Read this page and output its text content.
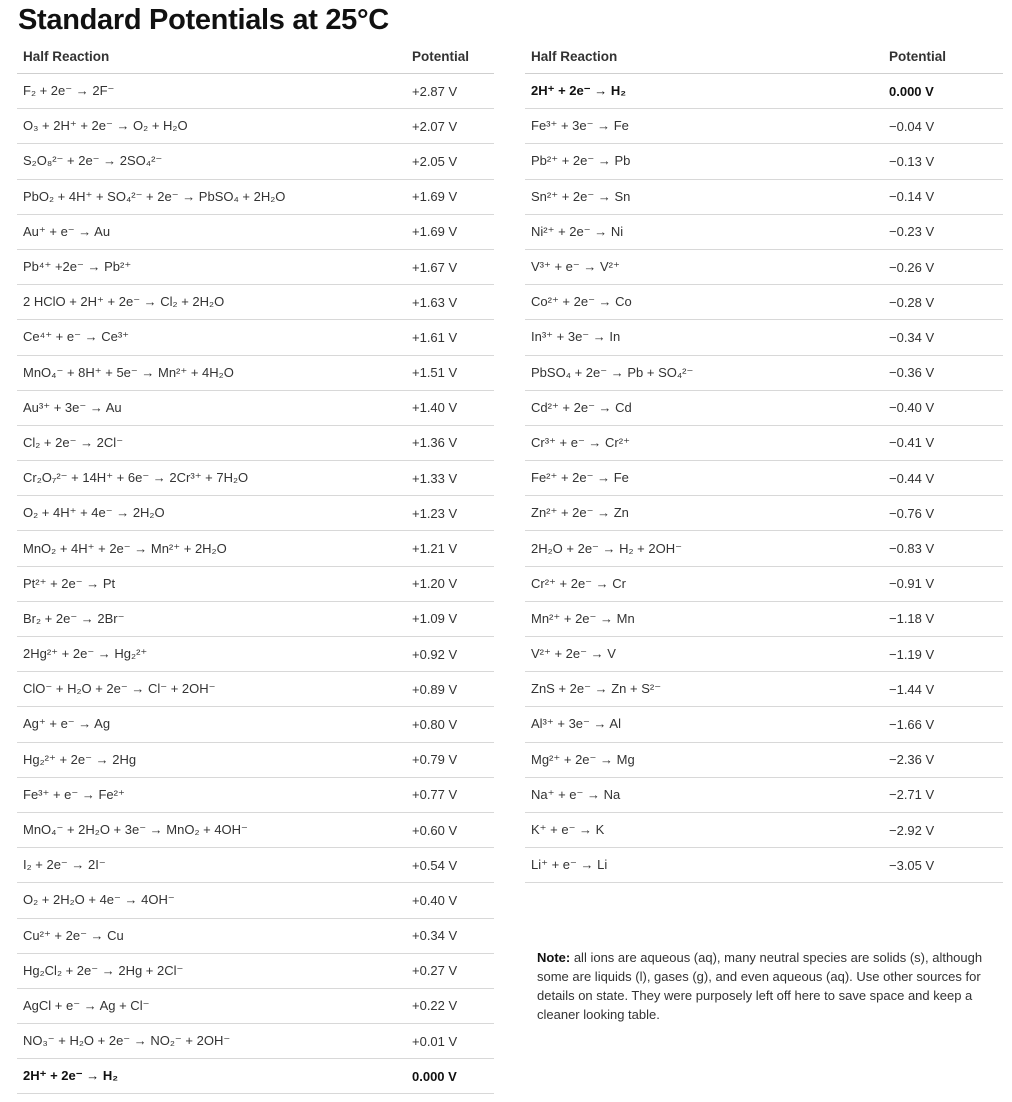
Standard Potentials at 25°C
Half Reaction	Potential
F₂ + 2e⁻ → 2F⁻	+2.87 V
O₃ + 2H⁺ + 2e⁻ → O₂ + H₂O	+2.07 V
S₂O₈²⁻ + 2e⁻ → 2SO₄²⁻	+2.05 V
PbO₂ + 4H⁺ + SO₄²⁻ + 2e⁻ → PbSO₄ + 2H₂O	+1.69 V
Au⁺ + e⁻ → Au	+1.69 V
Pb⁴⁺ +2e⁻ → Pb²⁺	+1.67 V
2 HClO + 2H⁺ + 2e⁻ → Cl₂ + 2H₂O	+1.63 V
Ce⁴⁺ + e⁻ → Ce³⁺	+1.61 V
MnO₄⁻ + 8H⁺ + 5e⁻ → Mn²⁺ + 4H₂O	+1.51 V
Au³⁺ + 3e⁻ → Au	+1.40 V
Cl₂ + 2e⁻ → 2Cl⁻	+1.36 V
Cr₂O₇²⁻ + 14H⁺ + 6e⁻ → 2Cr³⁺ + 7H₂O	+1.33 V
O₂ + 4H⁺ + 4e⁻ → 2H₂O	+1.23 V
MnO₂ + 4H⁺ + 2e⁻ → Mn²⁺ + 2H₂O	+1.21 V
Pt²⁺ + 2e⁻ → Pt	+1.20 V
Br₂ + 2e⁻ → 2Br⁻	+1.09 V
2Hg²⁺ + 2e⁻ → Hg₂²⁺	+0.92 V
ClO⁻ + H₂O + 2e⁻ → Cl⁻ + 2OH⁻	+0.89 V
Ag⁺ + e⁻ → Ag	+0.80 V
Hg₂²⁺ + 2e⁻ → 2Hg	+0.79 V
Fe³⁺ + e⁻ → Fe²⁺	+0.77 V
MnO₄⁻ + 2H₂O + 3e⁻ → MnO₂ + 4OH⁻	+0.60 V
I₂ + 2e⁻ → 2I⁻	+0.54 V
O₂ + 2H₂O + 4e⁻ → 4OH⁻	+0.40 V
Cu²⁺ + 2e⁻ → Cu	+0.34 V
Hg₂Cl₂ + 2e⁻ → 2Hg + 2Cl⁻	+0.27 V
AgCl + e⁻ → Ag + Cl⁻	+0.22 V
NO₃⁻ + H₂O + 2e⁻ → NO₂⁻ + 2OH⁻	+0.01 V
2H⁺ + 2e⁻ → H₂	0.000 V
Half Reaction	Potential
2H⁺ + 2e⁻ → H₂	0.000 V
Fe³⁺ + 3e⁻ → Fe	−0.04 V
Pb²⁺ + 2e⁻ → Pb	−0.13 V
Sn²⁺ + 2e⁻ → Sn	−0.14 V
Ni²⁺ + 2e⁻ → Ni	−0.23 V
V³⁺ + e⁻ → V²⁺	−0.26 V
Co²⁺ + 2e⁻ → Co	−0.28 V
In³⁺ + 3e⁻ → In	−0.34 V
PbSO₄ + 2e⁻ → Pb + SO₄²⁻	−0.36 V
Cd²⁺ + 2e⁻ → Cd	−0.40 V
Cr³⁺ + e⁻ → Cr²⁺	−0.41 V
Fe²⁺ + 2e⁻ → Fe	−0.44 V
Zn²⁺ + 2e⁻ → Zn	−0.76 V
2H₂O + 2e⁻ → H₂ + 2OH⁻	−0.83 V
Cr²⁺ + 2e⁻ → Cr	−0.91 V
Mn²⁺ + 2e⁻ → Mn	−1.18 V
V²⁺ + 2e⁻ → V	−1.19 V
ZnS + 2e⁻ → Zn + S²⁻	−1.44 V
Al³⁺ + 3e⁻ → Al	−1.66 V
Mg²⁺ + 2e⁻ → Mg	−2.36 V
Na⁺ + e⁻ → Na	−2.71 V
K⁺ + e⁻ → K	−2.92 V
Li⁺ + e⁻ → Li	−3.05 V
Note: all ions are aqueous (aq), many neutral species are solids (s), although some are liquids (l), gases (g), and even aqueous (aq). Use other sources for details on state. They were purposely left off here to save space and keep a cleaner looking table.
